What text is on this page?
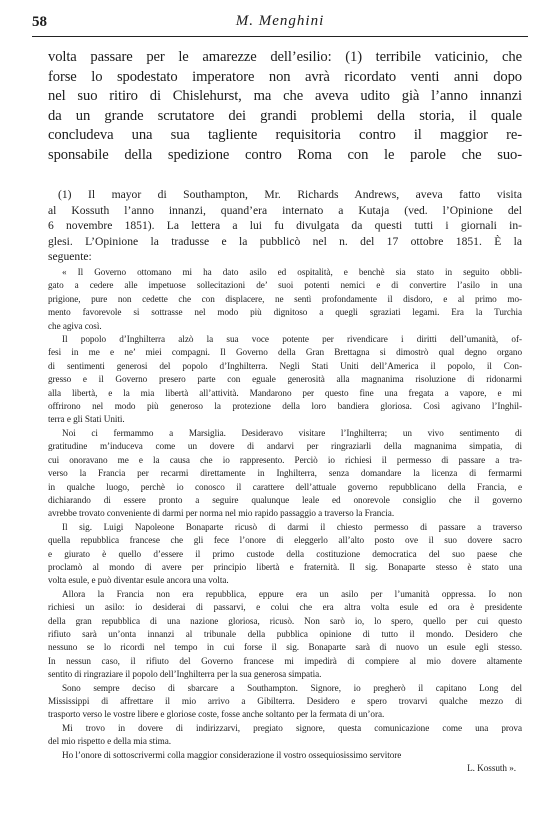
58	M. Menghini
volta passare per le amarezze dell’esilio: (1) terribile vaticinio, che
forse lo spodestato imperatore non avrà ricordato venti anni dopo
nel suo ritiro di Chislehurst, ma che aveva udito già l’anno innanzi
da un grande scrutatore dei grandi problemi della storia, il quale
concludeva una sua tagliente requisitoria contro il maggior re-
sponsabile della spedizione contro Roma con le parole che suo-
(1) Il mayor di Southampton, Mr. Richards Andrews, aveva fatto visita
al Kossuth l’anno innanzi, quand’era internato a Kutaja (ved. l’Opinione del
6 novembre 1851). La lettera a lui fu divulgata da questi tutti i giornali in-
glesi. L’Opinione la tradusse e la pubblicò nel n. del 17 ottobre 1851. È la
seguente:
« Il Governo ottomano mi ha dato asilo ed ospitalità, e benchè sia stato in seguito obbli-
gato a cedere alle impetuose sollecitazioni de’ suoi potenti nemici e di convertire l’asilo in una
prigione, pure non cedette che con displacere, ne sentì profondamente il disdoro, e al primo mo-
mento favorevole si sottrasse nel modo più dignitoso a quegli sgraziati legami. Era la Turchia
che agiva così.
Il popolo d’Inghilterra alzò la sua voce potente per rivendicare i diritti dell’umanità, of-
fesi in me e ne’ miei compagni. Il Governo della Gran Brettagna si dimostrò qual degno organo
di sentimenti generosi del popolo d’Inghilterra. Negli Stati Uniti dell’America il popolo, il Con-
gresso e il Governo presero parte con eguale generosità alla magnanima risoluzione di ridonarmi
alla libertà, e la mia libertà all’attività. Mandarono per questo fine una fregata a vapore, e mi
offrirono nel modo più generoso la protezione della loro bandiera gloriosa. Così agivano l’Inghil-
terra e gli Stati Uniti.
Noi ci fermammo a Marsiglia. Desideravo visitare l’Inghilterra; un vivo sentimento di
gratitudine m’induceva come un dovere di andarvi per ringraziarli della magnanima simpatia, di
cui onoravano me e la causa che io rappresento. Perciò io richiesi il permesso di passare a tra-
verso la Francia per recarmi direttamente in Inghilterra, senza domandare la licenza di fermarmi
in qualche luogo, perchè io conosco il carattere dell’attuale governo repubblicano della Francia, e
dichiarando di essere pronto a seguire qualunque leale ed onorevole consiglio che il governo
avrebbe trovato conveniente di darmi per norma nel mio rapido passaggio a traverso la Francia.
Il sig. Luigi Napoleone Bonaparte ricusò di darmi il chiesto permesso di passare a traverso
quella repubblica francese che gli fece l’onore di eleggerlo all’alto posto ove il suo dovere sacro
e giurato è quello d’essere il primo custode della costituzione democratica del suo paese che
proclamò al mondo di avere per principio libertà e fraternità. Il sig. Bonaparte stesso è stato una
volta esule, e può diventar esule ancora una volta.
Allora la Francia non era repubblica, eppure era un asilo per l’umanità oppressa. Io non
richiesi un asilo: io desiderai di passarvi, e colui che era altra volta esule ed ora è presidente
della gran repubblica di una nazione gloriosa, ricusò. Non sarò io, lo spero, quello per cui questo
rifiuto sarà un’onta innanzi al tribunale della pubblica opinione di tutto il mondo. Desidero che
nessuno se lo ricordi nel tempo in cui forse il sig. Bonaparte sarà di nuovo un esule egli stesso.
In nessun caso, il rifiuto del Governo francese mi impedirà di compiere al mio dovere altamente
sentito di ringraziare il popolo dell’Inghilterra per la sua generosa simpatia.
Sono sempre deciso di sbarcare a Southampton. Signore, io pregherò il capitano Long del
Mississippi di affrettare il mio arrivo a Gibilterra. Desidero e spero trovarvi qualche mezzo di
trasporto verso le vostre libere e gloriose coste, fosse anche soltanto per la fermata di un’ora.
Mi trovo in dovere di indirizzarvi, pregiato signore, questa comunicazione come una prova
del mio rispetto e della mia stima.
Ho l’onore di sottoscrivermi colla maggior considerazione il vostro ossequiosissimo servitore
L. Kossuth ».
